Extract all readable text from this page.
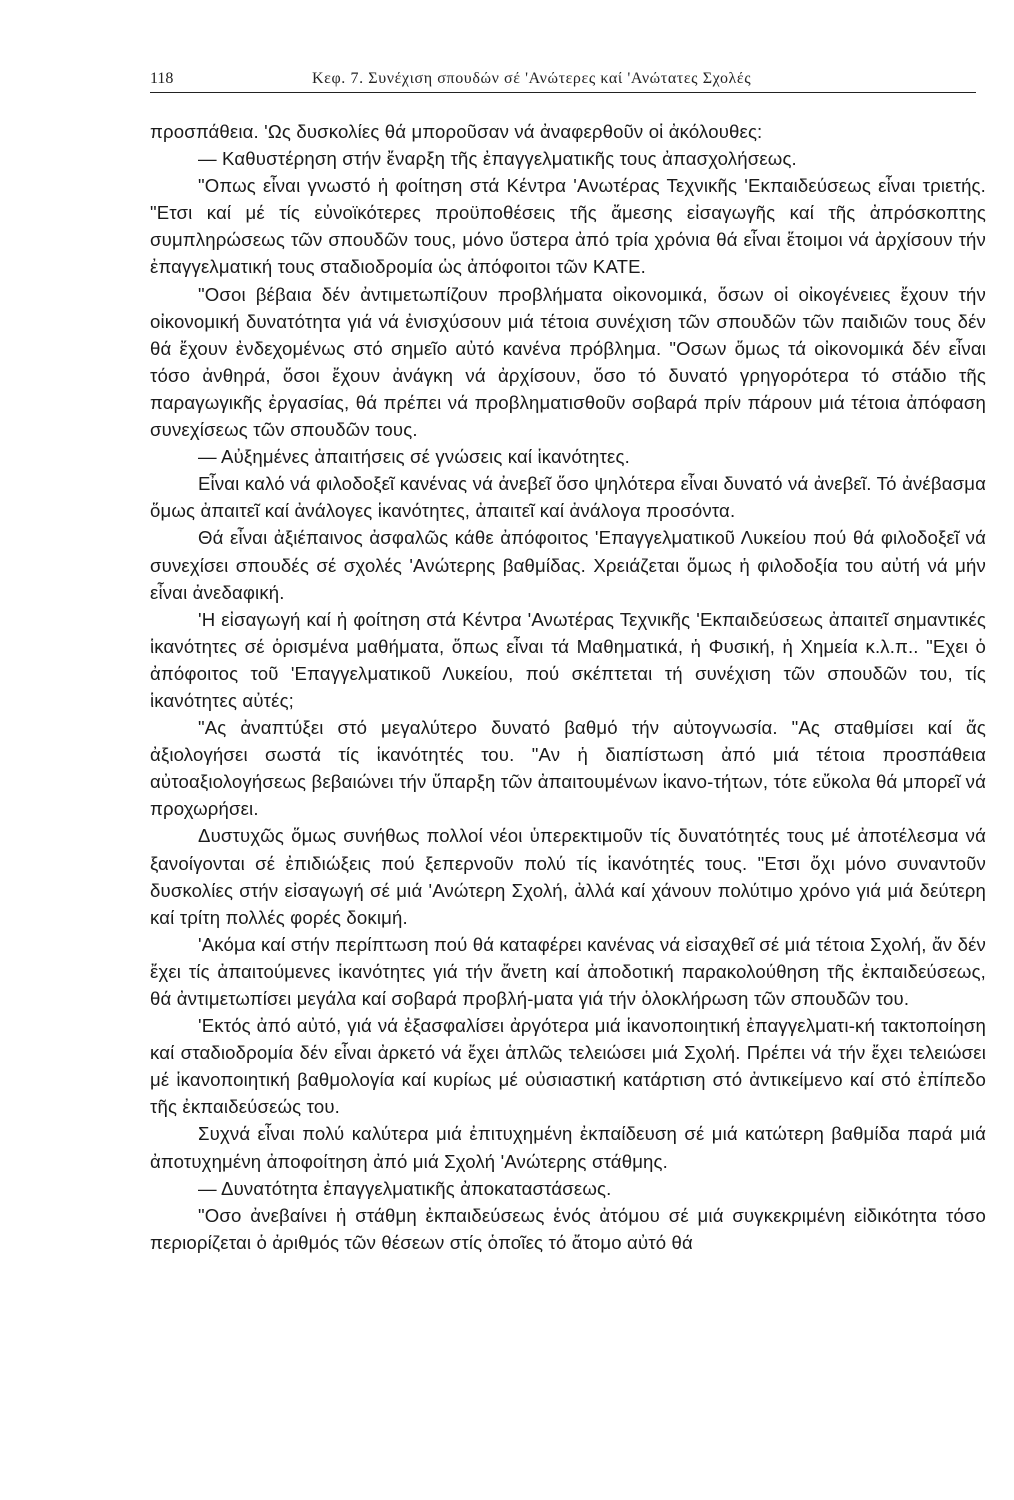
118	Κεφ. 7. Συνέχιση σπουδών σέ 'Ανώτερες καί 'Ανώτατες Σχολές

προσπάθεια. 'Ως δυσκολίες θά μποροῦσαν νά ἀναφερθοῦν οἱ ἀκόλουθες:

— Καθυστέρηση στήν ἔναρξη τῆς ἐπαγγελματικῆς τους ἀπασχολήσεως.

"Οπως εἶναι γνωστό ἡ φοίτηση στά Κέντρα 'Ανωτέρας Τεχνικῆς 'Εκπαιδεύσεως εἶναι τριετής. "Ετσι καί μέ τίς εὐνοϊκότερες προϋποθέσεις τῆς ἄμεσης εἰσαγωγῆς καί τῆς ἀπρόσκοπτης συμπληρώσεως τῶν σπουδῶν τους, μόνο ὕστερα ἀπό τρία χρόνια θά εἶναι ἕτοιμοι νά ἀρχίσουν τήν ἐπαγγελματική τους σταδιοδρομία ὡς ἀπόφοιτοι τῶν ΚΑΤΕ.

"Οσοι βέβαια δέν ἀντιμετωπίζουν προβλήματα οἰκονομικά, ὅσων οἱ οἰκογένειες ἔχουν τήν οἰκονομική δυνατότητα γιά νά ἐνισχύσουν μιά τέτοια συνέχιση τῶν σπουδῶν τῶν παιδιῶν τους δέν θά ἔχουν ἐνδεχομένως στό σημεῖο αὐτό κανένα πρόβλημα. "Οσων ὅμως τά οἰκονομικά δέν εἶναι τόσο ἀνθηρά, ὅσοι ἔχουν ἀνάγκη νά ἀρχίσουν, ὅσο τό δυνατό γρηγορότερα τό στάδιο τῆς παραγωγικῆς ἐργασίας, θά πρέπει νά προβληματισθοῦν σοβαρά πρίν πάρουν μιά τέτοια ἀπόφαση συνεχίσεως τῶν σπουδῶν τους.

— Αὐξημένες ἀπαιτήσεις σέ γνώσεις καί ἱκανότητες.

Εἶναι καλό νά φιλοδοξεῖ κανένας νά ἀνεβεῖ ὅσο ψηλότερα εἶναι δυνατό νά ἀνεβεῖ. Τό ἀνέβασμα ὅμως ἀπαιτεῖ καί ἀνάλογες ἱκανότητες, ἀπαιτεῖ καί ἀνάλογα προσόντα.

Θά εἶναι ἀξιέπαινος ἀσφαλῶς κάθε ἀπόφοιτος 'Επαγγελματικοῦ Λυκείου πού θά φιλοδοξεῖ νά συνεχίσει σπουδές σέ σχολές 'Ανώτερης βαθμίδας. Χρειάζεται ὅμως ἡ φιλοδοξία του αὐτή νά μήν εἶναι ἀνεδαφική.

'Η εἰσαγωγή καί ἡ φοίτηση στά Κέντρα 'Ανωτέρας Τεχνικῆς 'Εκπαιδεύσεως ἀπαιτεῖ σημαντικές ἱκανότητες σέ ὁρισμένα μαθήματα, ὅπως εἶναι τά Μαθηματικά, ἡ Φυσική, ἡ Χημεία κ.λ.π.. "Εχει ὁ ἀπόφοιτος τοῦ 'Επαγγελματικοῦ Λυκείου, πού σκέπτεται τή συνέχιση τῶν σπουδῶν του, τίς ἱκανότητες αὐτές;

"Ας ἀναπτύξει στό μεγαλύτερο δυνατό βαθμό τήν αὐτογνωσία. "Ας σταθμίσει καί ἄς ἀξιολογήσει σωστά τίς ἱκανότητές του. "Αν ἡ διαπίστωση ἀπό μιά τέτοια προσπάθεια αὐτοαξιολογήσεως βεβαιώνει τήν ὕπαρξη τῶν ἀπαιτουμένων ἱκανο-τήτων, τότε εὔκολα θά μπορεῖ νά προχωρήσει.

Δυστυχῶς ὅμως συνήθως πολλοί νέοι ὑπερεκτιμοῦν τίς δυνατότητές τους μέ ἀποτέλεσμα νά ξανοίγονται σέ ἐπιδιώξεις πού ξεπερνοῦν πολύ τίς ἱκανότητές τους. "Ετσι ὄχι μόνο συναντοῦν δυσκολίες στήν εἰσαγωγή σέ μιά 'Ανώτερη Σχολή, ἀλλά καί χάνουν πολύτιμο χρόνο γιά μιά δεύτερη καί τρίτη πολλές φορές δοκιμή.

'Ακόμα καί στήν περίπτωση πού θά καταφέρει κανένας νά εἰσαχθεῖ σέ μιά τέτοια Σχολή, ἄν δέν ἔχει τίς ἀπαιτούμενες ἱκανότητες γιά τήν ἄνετη καί ἀποδοτική παρακολούθηση τῆς ἐκπαιδεύσεως, θά ἀντιμετωπίσει μεγάλα καί σοβαρά προβλή-ματα γιά τήν ὁλοκλήρωση τῶν σπουδῶν του.

'Εκτός ἀπό αὐτό, γιά νά ἐξασφαλίσει ἀργότερα μιά ἱκανοποιητική ἐπαγγελματι-κή τακτοποίηση καί σταδιοδρομία δέν εἶναι ἀρκετό νά ἔχει ἁπλῶς τελειώσει μιά Σχολή. Πρέπει νά τήν ἔχει τελειώσει μέ ἱκανοποιητική βαθμολογία καί κυρίως μέ οὐσιαστική κατάρτιση στό ἀντικείμενο καί στό ἐπίπεδο τῆς ἐκπαιδεύσεώς του.

Συχνά εἶναι πολύ καλύτερα μιά ἐπιτυχημένη ἐκπαίδευση σέ μιά κατώτερη βαθμίδα παρά μιά ἀποτυχημένη ἀποφοίτηση ἀπό μιά Σχολή 'Ανώτερης στάθμης.

— Δυνατότητα ἐπαγγελματικῆς ἀποκαταστάσεως.

"Οσο ἀνεβαίνει ἡ στάθμη ἐκπαιδεύσεως ἑνός ἀτόμου σέ μιά συγκεκριμένη εἰδικότητα τόσο περιορίζεται ὁ ἀριθμός τῶν θέσεων στίς ὁποῖες τό ἄτομο αὐτό θά
